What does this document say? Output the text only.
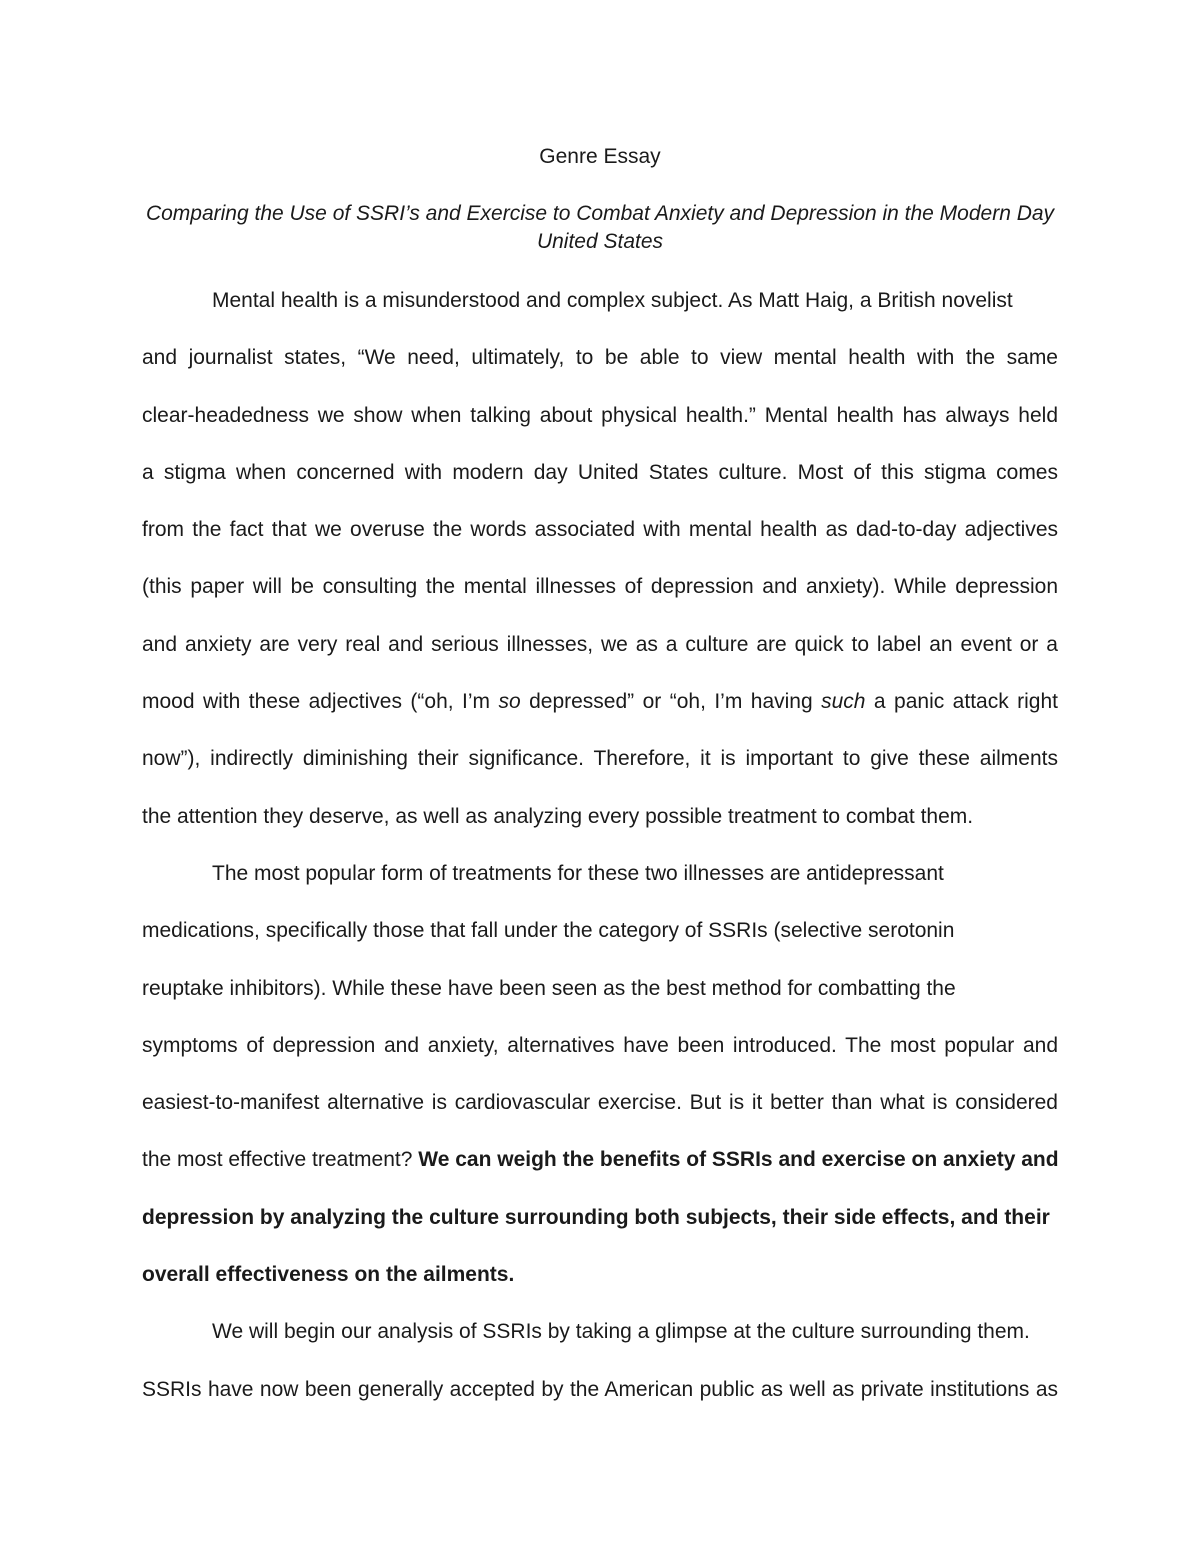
Genre Essay
Comparing the Use of SSRI’s and Exercise to Combat Anxiety and Depression in the Modern Day
United States
Mental health is a misunderstood and complex subject. As Matt Haig, a British novelist
and journalist states, “We need, ultimately, to be able to view mental health with the same
clear-headedness we show when talking about physical health.” Mental health has always held
a stigma when concerned with modern day United States culture. Most of this stigma comes
from the fact that we overuse the words associated with mental health as dad-to-day adjectives
(this paper will be consulting the mental illnesses of depression and anxiety). While depression
and anxiety are very real and serious illnesses, we as a culture are quick to label an event or a
mood with these adjectives (“oh, I’m so depressed” or “oh, I’m having such a panic attack right
now”), indirectly diminishing their significance. Therefore, it is important to give these ailments
the attention they deserve, as well as analyzing every possible treatment to combat them.
The most popular form of treatments for these two illnesses are antidepressant
medications, specifically those that fall under the category of SSRIs (selective serotonin
reuptake inhibitors). While these have been seen as the best method for combatting the
symptoms of depression and anxiety, alternatives have been introduced. The most popular and
easiest-to-manifest alternative is cardiovascular exercise. But is it better than what is considered
the most effective treatment? We can weigh the benefits of SSRIs and exercise on anxiety and
depression by analyzing the culture surrounding both subjects, their side effects, and their
overall effectiveness on the ailments.
We will begin our analysis of SSRIs by taking a glimpse at the culture surrounding them.
SSRIs have now been generally accepted by the American public as well as private institutions as
